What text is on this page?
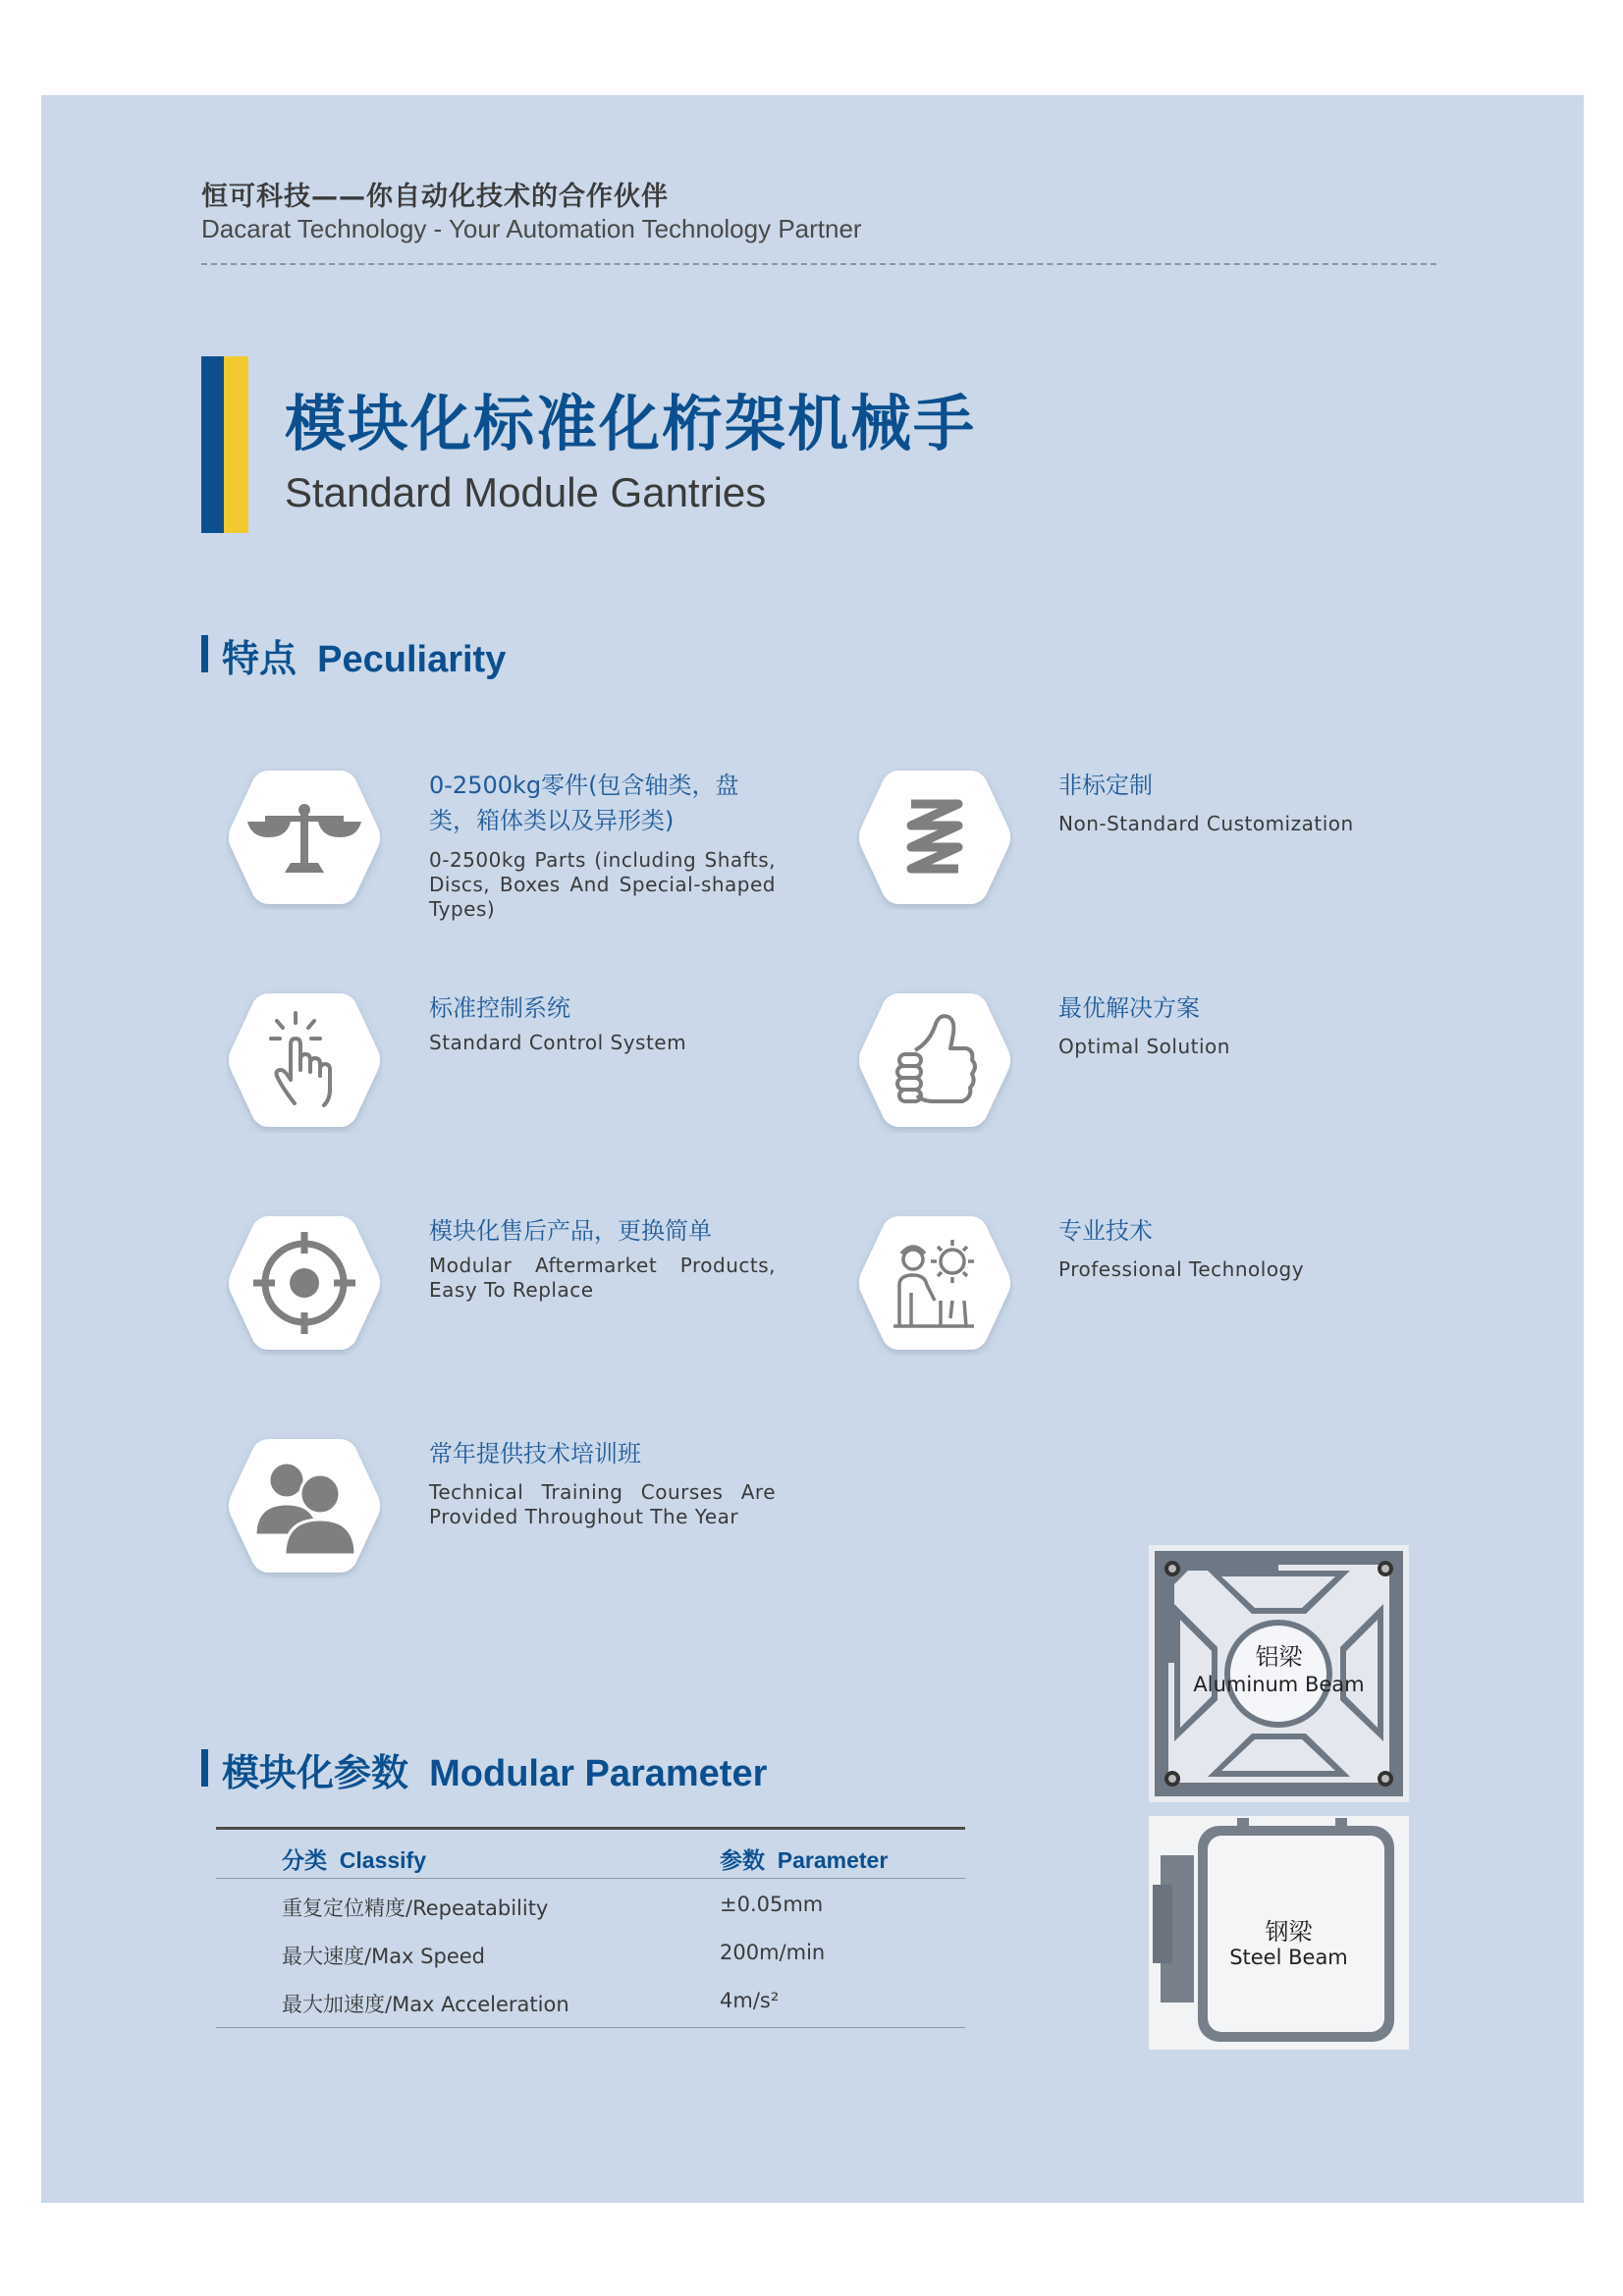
恒可科技——你自动化技术的合作伙伴
Dacarat Technology - Your Automation Technology Partner
模块化标准化桁架机械手
Standard Module Gantries
特点 Peculiarity
0-2500kg零件(包含轴类，盘
类，箱体类以及异形类)
0-2500kg Parts (including Shafts, Discs, Boxes And Special-shaped Types)
非标定制
Non-Standard Customization
标准控制系统
Standard Control System
最优解决方案
Optimal Solution
模块化售后产品，更换简单
Modular Aftermarket Products, Easy To Replace
专业技术
Professional Technology
常年提供技术培训班
Technical Training Courses Are Provided Throughout The Year
铝梁
Aluminum Beam
钢梁
Steel Beam
模块化参数 Modular Parameter
分类 Classify	参数 Parameter
重复定位精度/Repeatability	±0.05mm
最大速度/Max Speed	200m/min
最大加速度/Max Acceleration	4m/s²
